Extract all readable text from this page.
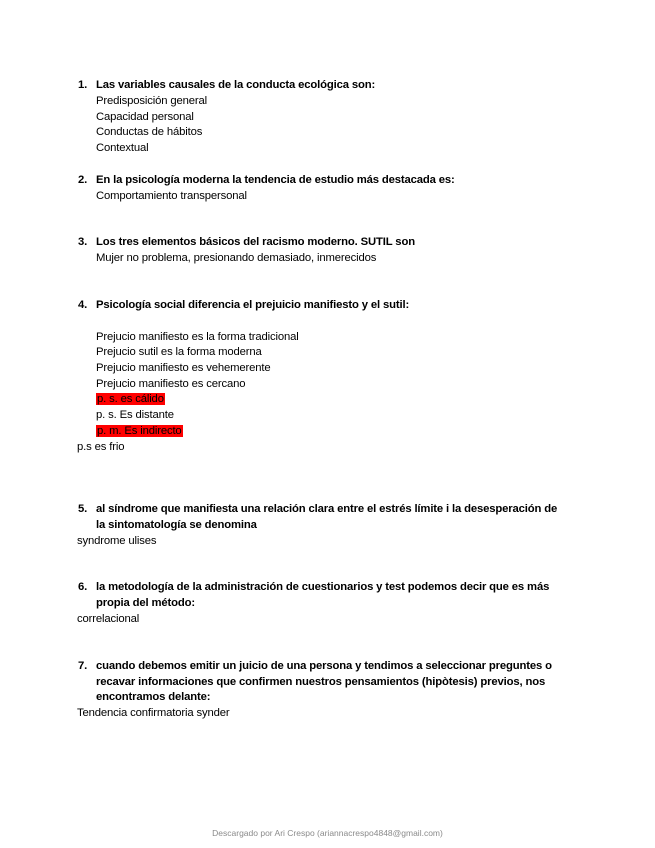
1. Las variables causales de la conducta ecológica son:
Predisposición general
Capacidad personal
Conductas de hábitos
Contextual
2. En la psicología moderna la tendencia de estudio más destacada es:
Comportamiento transpersonal
3. Los tres elementos básicos del racismo moderno. SUTIL son
Mujer no problema, presionando demasiado, inmerecidos
4. Psicología social diferencia el prejuicio manifiesto y el sutil:
Prejucio manifiesto es la forma tradicional
Prejucio sutil es la forma moderna
Prejucio manifiesto es vehemerente
Prejucio manifiesto es cercano
p. s. es cálido
p. s. Es distante
p. m. Es indirecto
p.s es frio
5. al síndrome que manifiesta una relación clara entre el estrés límite i la desesperación de
la sintomatología se denomina
syndrome ulises
6. la metodología de la administración de cuestionarios y test podemos decir que es más
propia del método:
correlacional
7. cuando debemos emitir un juicio de una persona y tendimos a seleccionar preguntes o
recavar informaciones que confirmen nuestros pensamientos (hipòtesis) previos, nos
encontramos delante:
Tendencia confirmatoria synder
Descargado por Ari Crespo (ariannacrespo4848@gmail.com)
